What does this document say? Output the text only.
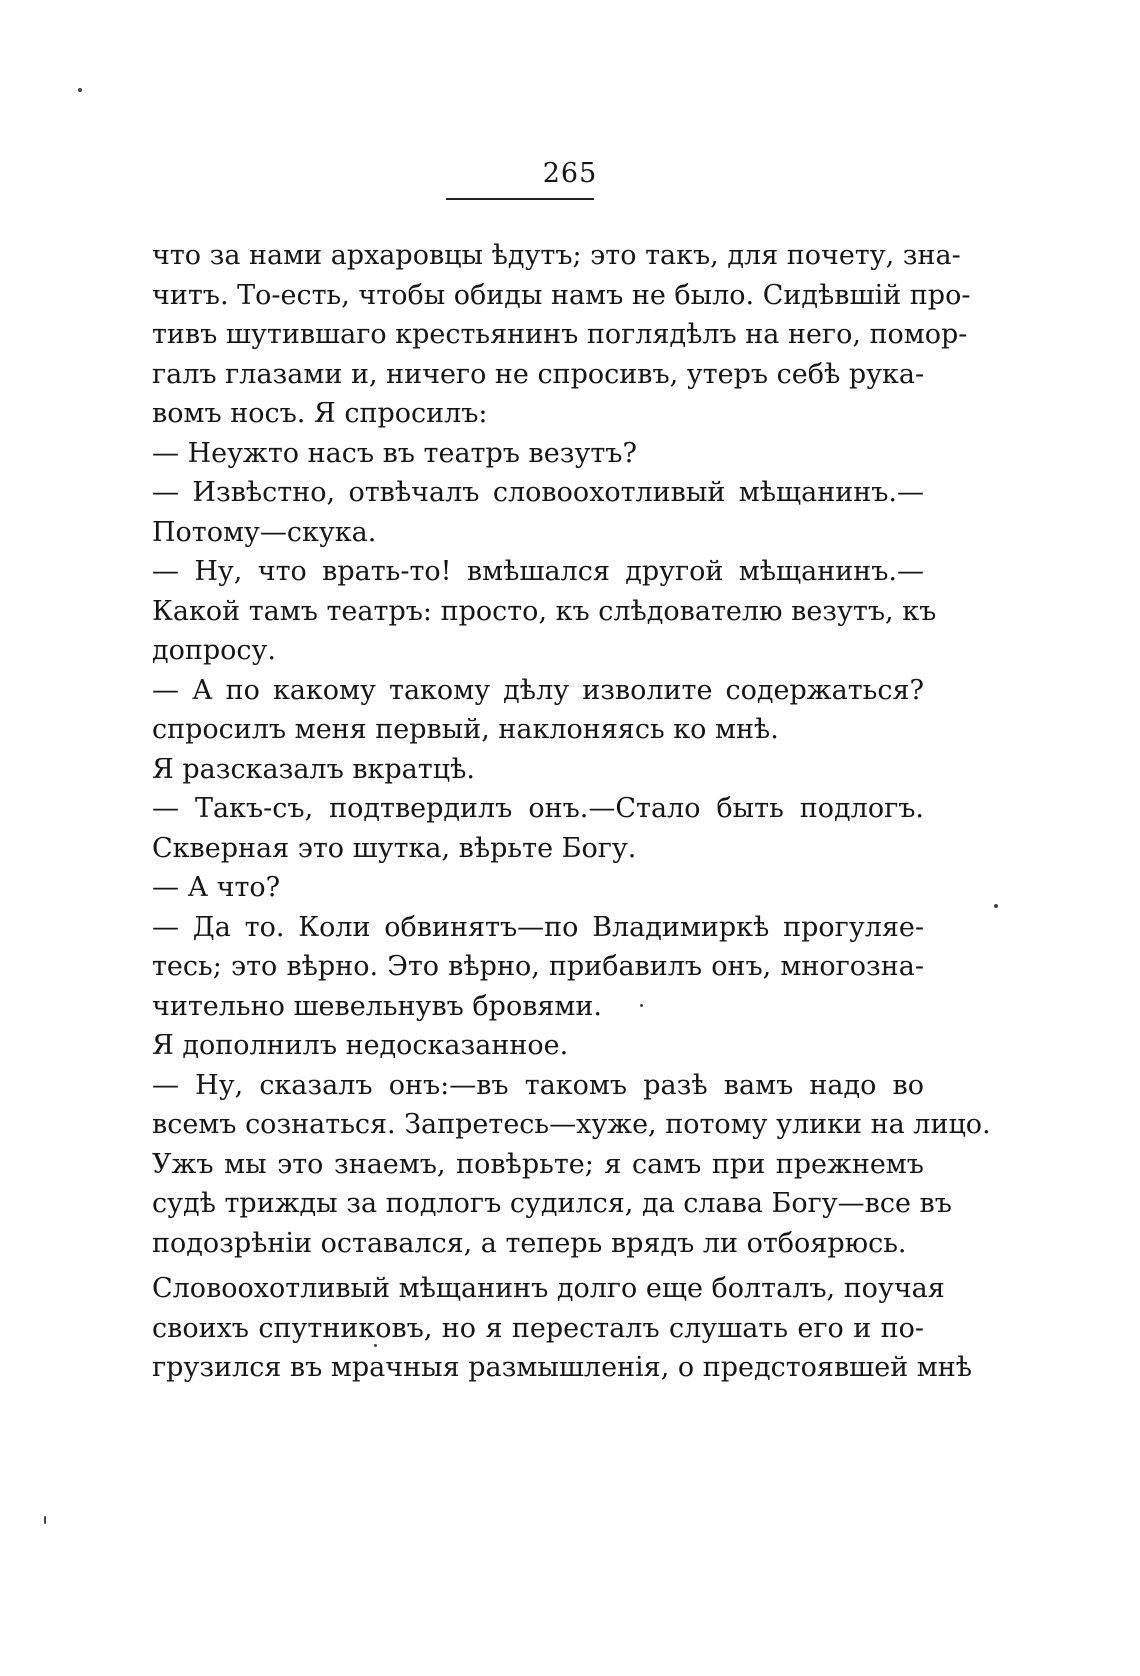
265
что за нами архаровцы ѣдутъ; это такъ, для почету, зна-
читъ. То-есть, чтобы обиды намъ не было. Сидѣвшій про-
тивъ шутившаго крестьянинъ поглядѣлъ на него, помор-
галъ глазами и, ничего не спросивъ, утеръ себѣ рука-
вомъ носъ. Я спросилъ:
— Неужто насъ въ театръ везутъ?
— Извѣстно, отвѣчалъ словоохотливый мѣщанинъ.—
Потому—скука.
— Ну, что врать-то! вмѣшался другой мѣщанинъ.—
Какой тамъ театръ: просто, къ слѣдователю везутъ, къ
допросу.
— А по какому такому дѣлу изволите содержаться?
спросилъ меня первый, наклоняясь ко мнѣ.
Я разсказалъ вкратцѣ.
— Такъ-съ, подтвердилъ онъ.—Стало быть подлогъ.
Скверная это шутка, вѣрьте Богу.
— А что?
— Да то. Коли обвинятъ—по Владимиркѣ прогуляе-
тесь; это вѣрно. Это вѣрно, прибавилъ онъ, многозна-
чительно шевельнувъ бровями.
Я дополнилъ недосказанное.
— Ну, сказалъ онъ:—въ такомъ разѣ вамъ надо во
всемъ сознаться. Запретесь—хуже, потому улики на лицо.
Ужъ мы это знаемъ, повѣрьте; я самъ при прежнемъ
судѣ трижды за подлогъ судился, да слава Богу—все въ
подозрѣніи оставался, а теперь врядъ ли отбоярюсь.
Словоохотливый мѣщанинъ долго еще болталъ, поучая
своихъ спутниковъ, но я пересталъ слушать его и по-
грузился въ мрачныя размышленія, о предстоявшей мнѣ
